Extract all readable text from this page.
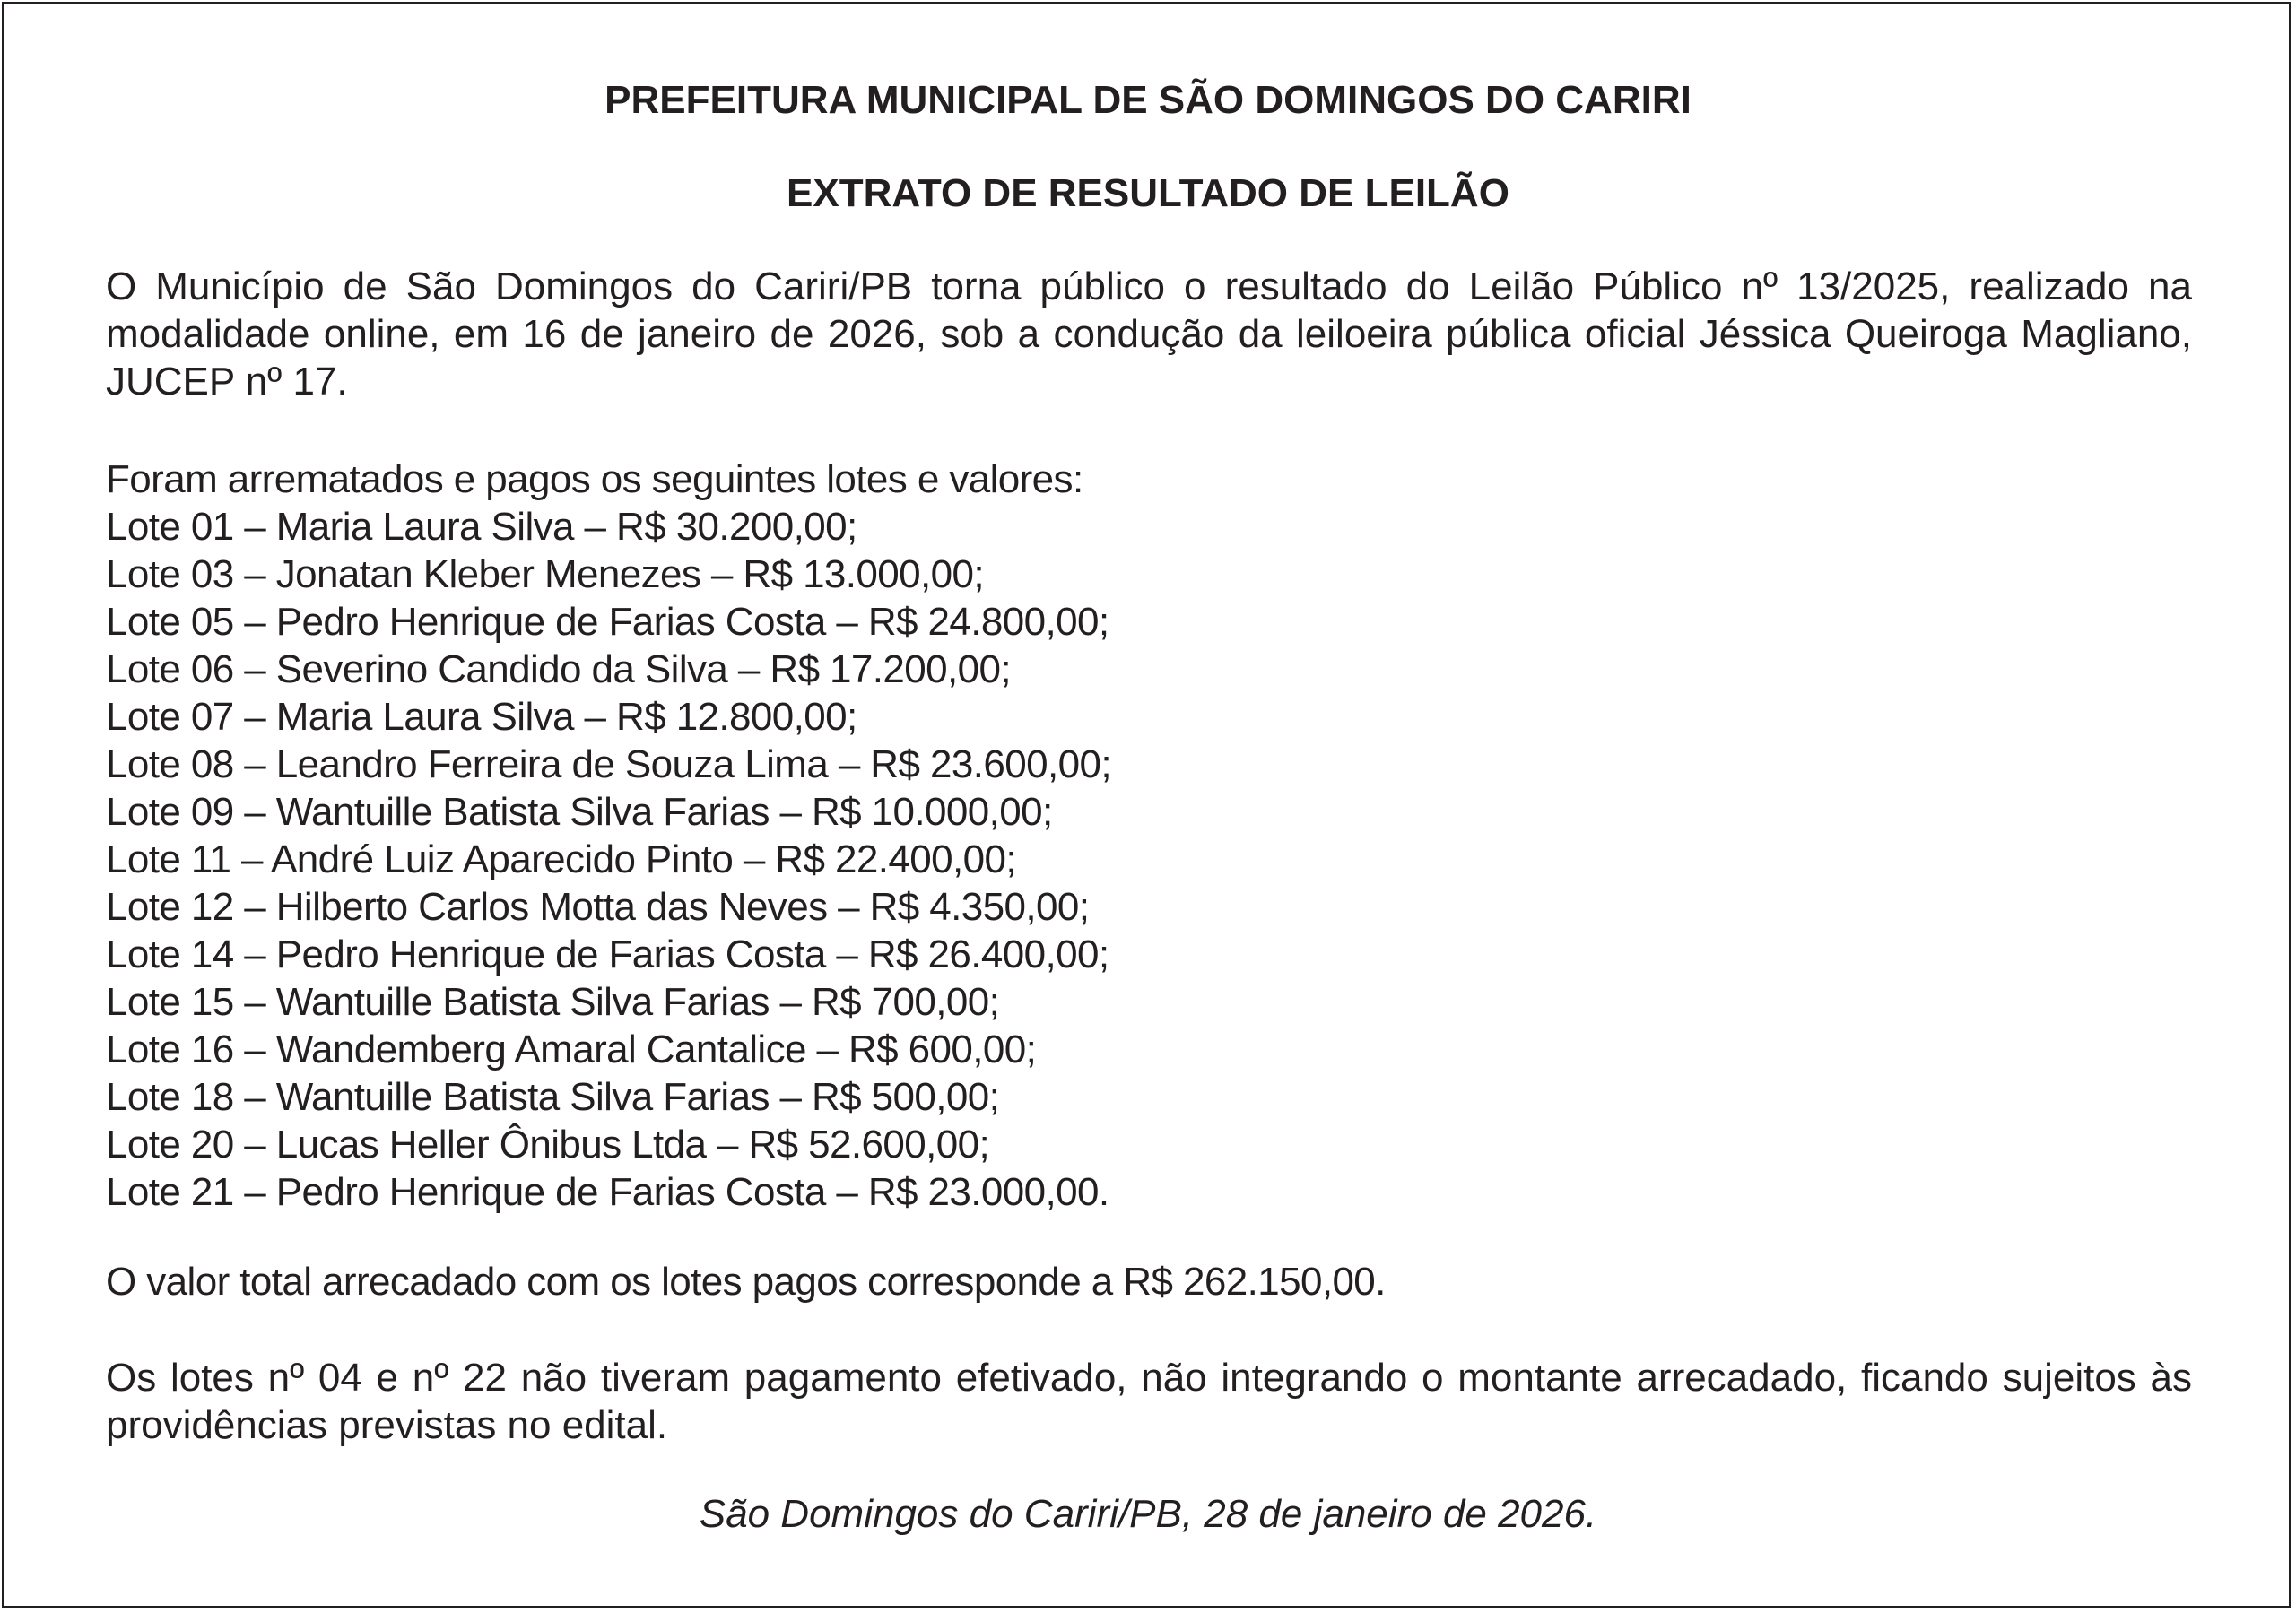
PREFEITURA MUNICIPAL DE SÃO DOMINGOS DO CARIRI
EXTRATO DE RESULTADO DE LEILÃO
O Município de São Domingos do Cariri/PB torna público o resultado do Leilão Público nº 13/2025, realizado na modalidade online, em 16 de janeiro de 2026, sob a condução da leiloeira pública oficial Jéssica Queiroga Magliano, JUCEP nº 17.
Foram arrematados e pagos os seguintes lotes e valores:
Lote 01 – Maria Laura Silva – R$ 30.200,00;
Lote 03 – Jonatan Kleber Menezes – R$ 13.000,00;
Lote 05 – Pedro Henrique de Farias Costa – R$ 24.800,00;
Lote 06 – Severino Candido da Silva – R$ 17.200,00;
Lote 07 – Maria Laura Silva – R$ 12.800,00;
Lote 08 – Leandro Ferreira de Souza Lima – R$ 23.600,00;
Lote 09 – Wantuille Batista Silva Farias – R$ 10.000,00;
Lote 11 – André Luiz Aparecido Pinto – R$ 22.400,00;
Lote 12 – Hilberto Carlos Motta das Neves – R$ 4.350,00;
Lote 14 – Pedro Henrique de Farias Costa – R$ 26.400,00;
Lote 15 – Wantuille Batista Silva Farias – R$ 700,00;
Lote 16 – Wandemberg Amaral Cantalice – R$ 600,00;
Lote 18 – Wantuille Batista Silva Farias – R$ 500,00;
Lote 20 – Lucas Heller Ônibus Ltda – R$ 52.600,00;
Lote 21 – Pedro Henrique de Farias Costa – R$ 23.000,00.
O valor total arrecadado com os lotes pagos corresponde a R$ 262.150,00.
Os lotes nº 04 e nº 22 não tiveram pagamento efetivado, não integrando o montante arrecadado, ficando sujeitos às providências previstas no edital.
São Domingos do Cariri/PB, 28 de janeiro de 2026.
